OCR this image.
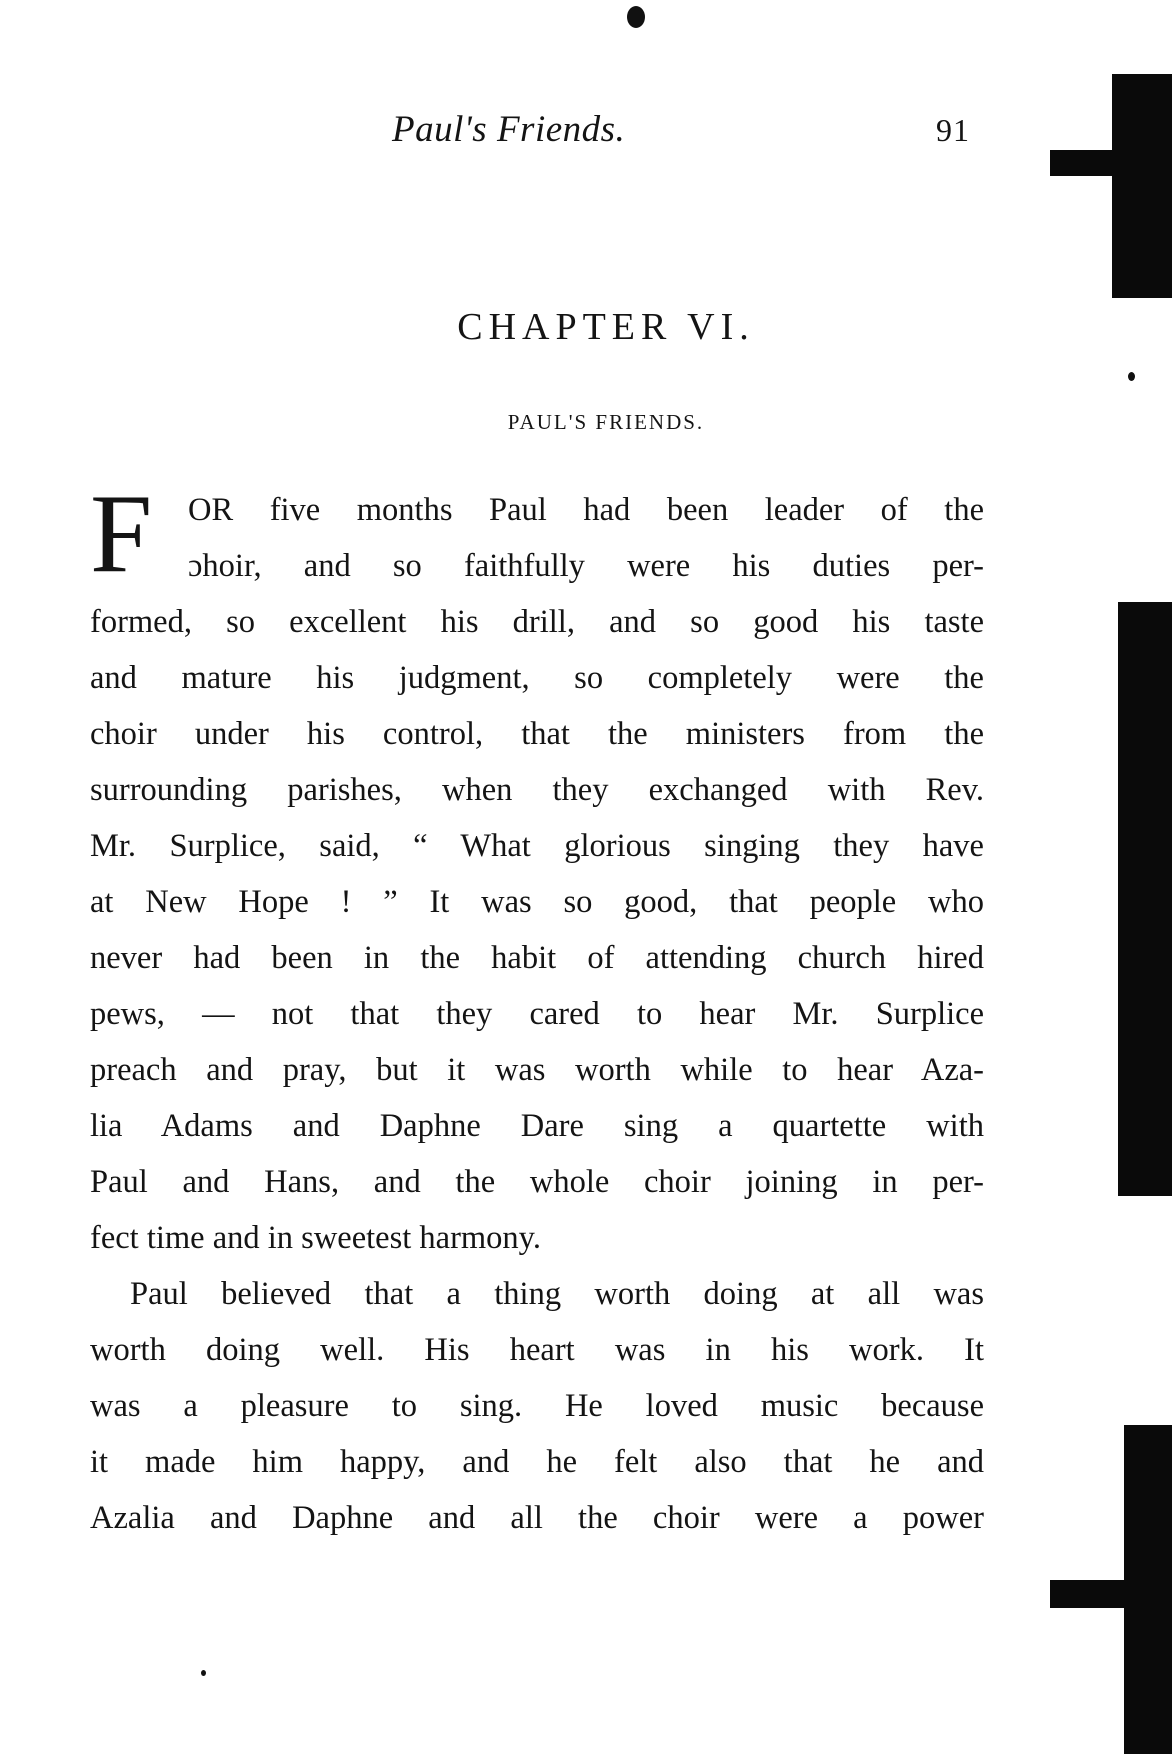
Paul's Friends.	91
CHAPTER VI.
PAUL'S FRIENDS.
F OR five months Paul had been leader of the
ɔhoir, and so faithfully were his duties per-
formed, so excellent his drill, and so good his taste
and mature his judgment, so completely were the
choir under his control, that the ministers from the
surrounding parishes, when they exchanged with Rev.
Mr. Surplice, said, “ What glorious singing they have
at New Hope ! ” It was so good, that people who
never had been in the habit of attending church hired
pews, — not that they cared to hear Mr. Surplice
preach and pray, but it was worth while to hear Aza-
lia Adams and Daphne Dare sing a quartette with
Paul and Hans, and the whole choir joining in per-
fect time and in sweetest harmony.
Paul believed that a thing worth doing at all was
worth doing well. His heart was in his work. It
was a pleasure to sing. He loved music because
it made him happy, and he felt also that he and
Azalia and Daphne and all the choir were a power
